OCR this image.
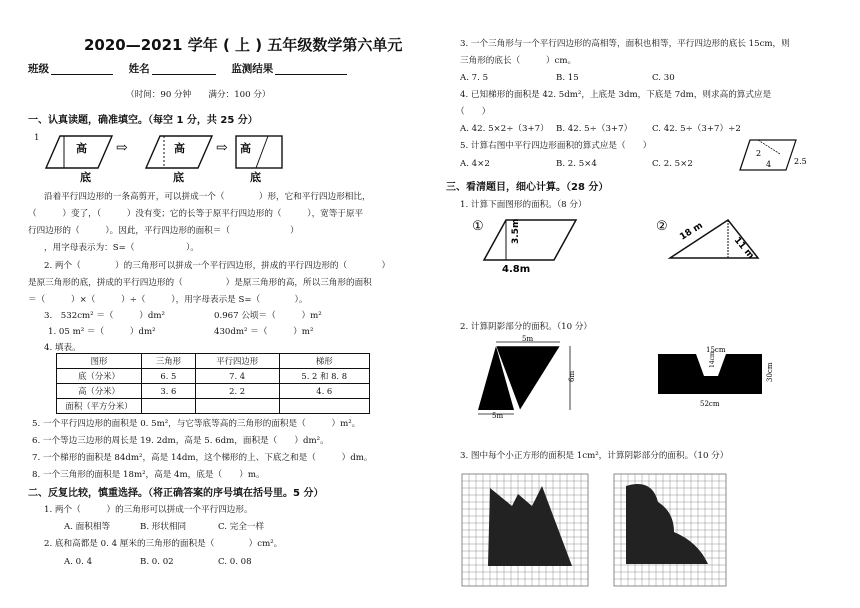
2020—2021 学年 ( 上 ) 五年级数学第六单元
班级	姓名	监测结果
（时间：90 分钟　　满分：100 分）
一、认真读题，确准填空。（每空 1 分，共 25 分）
1
高
底
⇨	高
底
⇨ 高
底
沿着平行四边形的一条高剪开，可以拼成一个（　　　　）形，它和平行四边形相比，
（　　　）变了，（　　　）没有变；它的长等于原平行四边形的（　　　），宽等于原平
行四边形的（　　　）。因此，平行四边形的面积＝（　　　　　　　）
，用字母表示为：S=（　　　　　　）。
2. 两个（　　　　）的三角形可以拼成一个平行四边形，拼成的平行四边形的（　　　　）
是原三角形的底，拼成的平行四边形的（　　　　　）是原三角形的高，所以三角形的面积
＝（　　　）×（　　　）÷（　　　），用字母表示是 S=（　　　　）。
3.　532cm² ＝（　　　）dm²	0.967 公顷＝（　　　）m²
1. 05 m² ＝（　　　）dm²	430dm² ＝（　　　）m²
4. 填表。
图形	三角形	平行四边形	梯形
底（分米）	6. 5	7. 4	5. 2 和 8. 8
高（分米）	3. 6	2. 2	4. 6
面积（平方分米）			
5. 一个平行四边形的面积是 0. 5m²，与它等底等高的三角形的面积是（　　　）m²。
6. 一个等边三边形的周长是 19. 2dm，高是 5. 6dm，面积是（　　）dm²。
7. 一个梯形的面积是 84dm²，高是 14dm，这个梯形的上、下底之和是（　　　）dm。
8. 一个三角形的面积是 18m²，高是 4m，底是（　　）m。
二、反复比较，慎重选择。（将正确答案的序号填在括号里。5 分）
1. 两个（　　　）的三角形可以拼成一个平行四边形。
A. 面积相等	B. 形状相同	C. 完全一样
2. 底和高都是 0. 4 厘米的三角形的面积是（　　　　）cm²。
A. 0. 4	B. 0. 02	C. 0. 08
3. 一个三角形与一个平行四边形的高相等，面积也相等，平行四边形的底长 15cm，则
三角形的底长（　　　）cm。
A. 7. 5	B. 15	C. 30
4. 已知梯形的面积是 42. 5dm²，上底是 3dm，下底是 7dm，则求高的算式应是
（　　）
A. 42. 5×2÷（3+7） B. 42. 5÷（3+7） C. 42. 5÷（3+7）÷2
5. 计算右图中平行四边形面积的算式应是（　　）
A. 4×2	B. 2. 5×4	C. 2. 5×2
2
4	2.5
三、看清题目，细心计算。（28 分）
1. 计算下面图形的面积。（8 分）
①	3.5m
4.8m
② 18 m
11 m
2. 计算阴影部分的面积。（10 分）
5m
5m
6m
15cm
14cm
30cm
52cm
3. 图中每个小正方形的面积是 1cm²，计算阴影部分的面积。（10 分）
